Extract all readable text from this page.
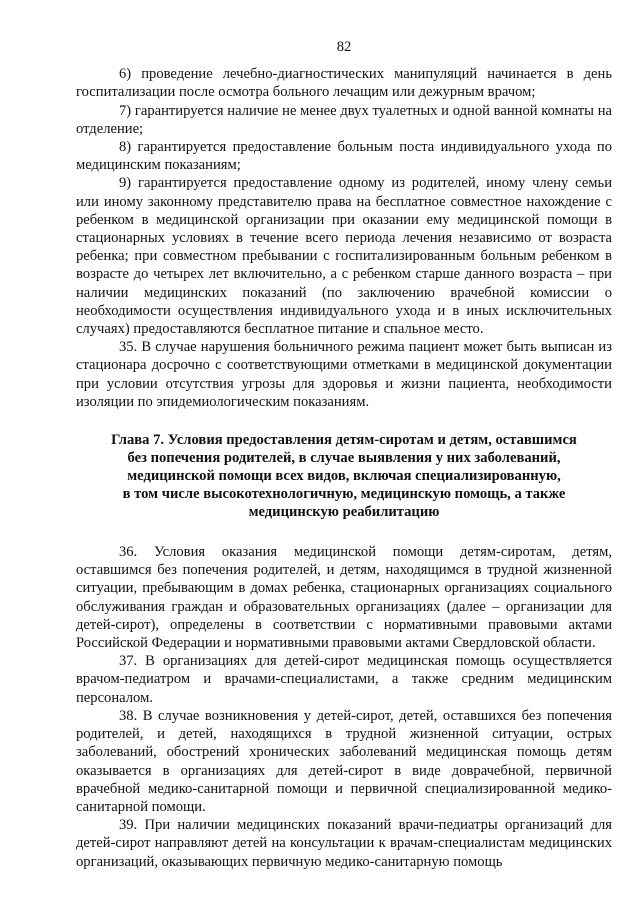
82

6) проведение лечебно-диагностических манипуляций начинается в день госпитализации после осмотра больного лечащим или дежурным врачом;

7) гарантируется наличие не менее двух туалетных и одной ванной комнаты на отделение;

8) гарантируется предоставление больным поста индивидуального ухода по медицинским показаниям;

9) гарантируется предоставление одному из родителей, иному члену семьи или иному законному представителю права на бесплатное совместное нахождение с ребенком в медицинской организации при оказании ему медицинской помощи в стационарных условиях в течение всего периода лечения независимо от возраста ребенка; при совместном пребывании с госпитализированным больным ребенком в возрасте до четырех лет включительно, а с ребенком старше данного возраста – при наличии медицинских показаний (по заключению врачебной комиссии о необходимости осуществления индивидуального ухода и в иных исключительных случаях) предоставляются бесплатное питание и спальное место.

35. В случае нарушения больничного режима пациент может быть выписан из стационара досрочно с соответствующими отметками в медицинской документации при условии отсутствия угрозы для здоровья и жизни пациента, необходимости изоляции по эпидемиологическим показаниям.

Глава 7. Условия предоставления детям-сиротам и детям, оставшимся
без попечения родителей, в случае выявления у них заболеваний,
медицинской помощи всех видов, включая специализированную,
в том числе высокотехнологичную, медицинскую помощь, а также
медицинскую реабилитацию

36. Условия оказания медицинской помощи детям-сиротам, детям, оставшимся без попечения родителей, и детям, находящимся в трудной жизненной ситуации, пребывающим в домах ребенка, стационарных организациях социального обслуживания граждан и образовательных организациях (далее – организации для детей-сирот), определены в соответствии с нормативными правовыми актами Российской Федерации и нормативными правовыми актами Свердловской области.

37. В организациях для детей-сирот медицинская помощь осуществляется врачом-педиатром и врачами-специалистами, а также средним медицинским персоналом.

38. В случае возникновения у детей-сирот, детей, оставшихся без попечения родителей, и детей, находящихся в трудной жизненной ситуации, острых заболеваний, обострений хронических заболеваний медицинская помощь детям оказывается в организациях для детей-сирот в виде доврачебной, первичной врачебной медико-санитарной помощи и первичной специализированной медико-санитарной помощи.

39. При наличии медицинских показаний врачи-педиатры организаций для детей-сирот направляют детей на консультации к врачам-специалистам медицинских организаций, оказывающих первичную медико-санитарную помощь
